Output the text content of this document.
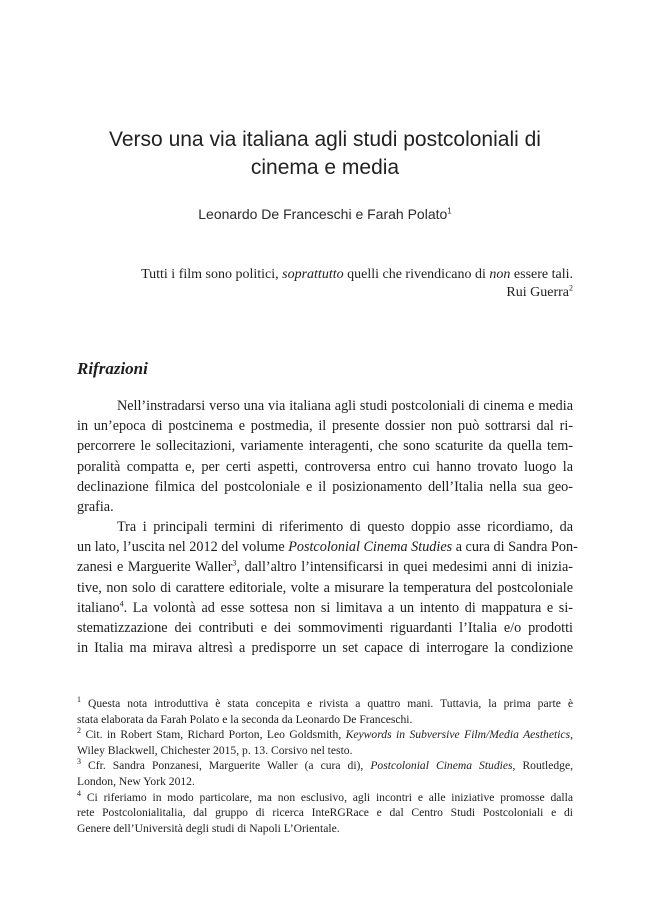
Verso una via italiana agli studi postcoloniali di
cinema e media
Leonardo De Franceschi e Farah Polato$^1$
Tutti i film sono politici, soprattutto quelli che rivendicano di non essere tali.
Rui Guerra$^2$
Rifrazioni
Nell’instradarsi verso una via italiana agli studi postcoloniali di cinema e media
in un’epoca di postcinema e postmedia, il presente dossier non può sottrarsi dal ri-
percorrere le sollecitazioni, variamente interagenti, che sono scaturite da quella tem-
poralità compatta e, per certi aspetti, controversa entro cui hanno trovato luogo la
declinazione filmica del postcoloniale e il posizionamento dell’Italia nella sua geo-
grafia.
Tra i principali termini di riferimento di questo doppio asse ricordiamo, da
un lato, l’uscita nel 2012 del volume Postcolonial Cinema Studies a cura di Sandra Pon-
zanesi e Marguerite Waller$^3$, dall’altro l’intensificarsi in quei medesimi anni di inizia-
tive, non solo di carattere editoriale, volte a misurare la temperatura del postcoloniale
italiano$^4$. La volontà ad esse sottesa non si limitava a un intento di mappatura e si-
stematizzazione dei contributi e dei sommovimenti riguardanti l’Italia e/o prodotti
in Italia ma mirava altresì a predisporre un set capace di interrogare la condizione
$^1$ Questa nota introduttiva è stata concepita e rivista a quattro mani. Tuttavia, la prima parte è
stata elaborata da Farah Polato e la seconda da Leonardo De Franceschi.
$^2$ Cit. in Robert Stam, Richard Porton, Leo Goldsmith, Keywords in Subversive Film/Media Aesthetics,
Wiley Blackwell, Chichester 2015, p. 13. Corsivo nel testo.
$^3$ Cfr. Sandra Ponzanesi, Marguerite Waller (a cura di), Postcolonial Cinema Studies, Routledge,
London, New York 2012.
$^4$ Ci riferiamo in modo particolare, ma non esclusivo, agli incontri e alle iniziative promosse dalla
rete Postcolonialitalia, dal gruppo di ricerca InteRGRace e dal Centro Studi Postcoloniali e di
Genere dell’Università degli studi di Napoli L’Orientale.
